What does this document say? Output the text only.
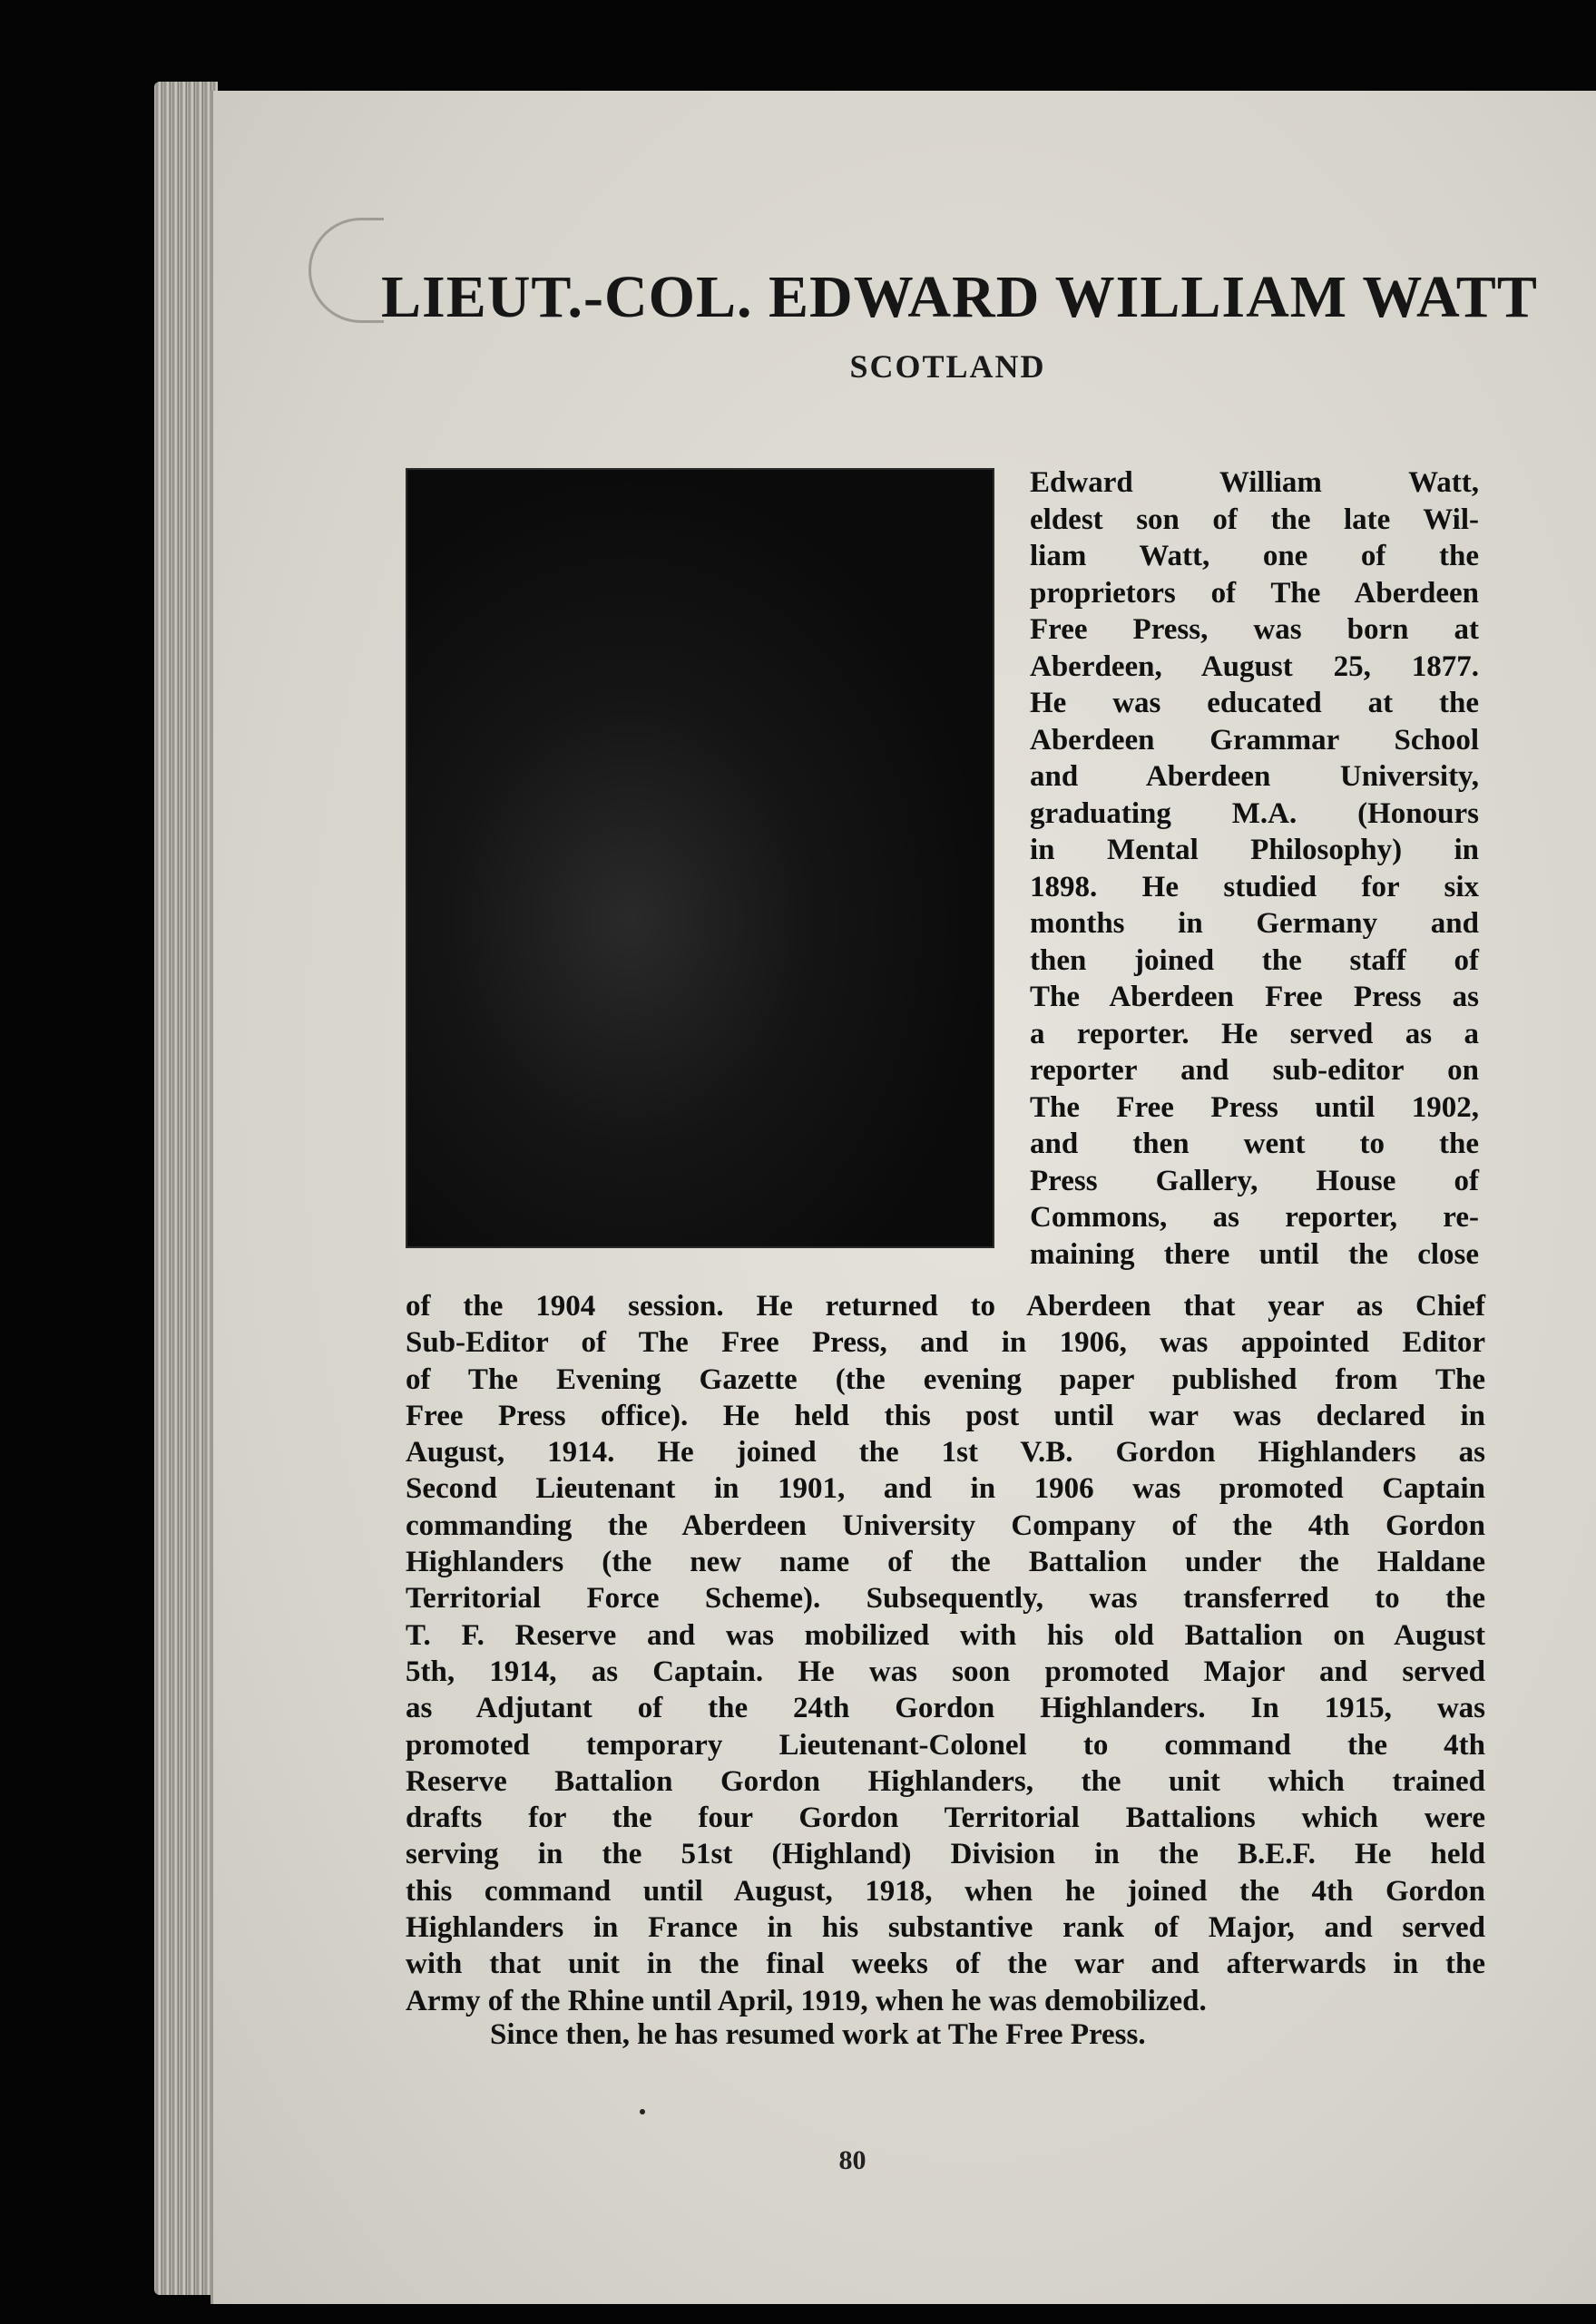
LIEUT.-COL. EDWARD WILLIAM WATT
SCOTLAND
Edward William Watt,
eldest son of the late Wil-
liam Watt, one of the
proprietors of The Aberdeen
Free Press, was born at
Aberdeen, August 25, 1877.
He was educated at the
Aberdeen Grammar School
and Aberdeen University,
graduating M.A. (Honours
in Mental Philosophy) in
1898. He studied for six
months in Germany and
then joined the staff of
The Aberdeen Free Press as
a reporter. He served as a
reporter and sub-editor on
The Free Press until 1902,
and then went to the
Press Gallery, House of
Commons, as reporter, re-
maining there until the close
of the 1904 session. He returned to Aberdeen that year as Chief
Sub-Editor of The Free Press, and in 1906, was appointed Editor
of The Evening Gazette (the evening paper published from The
Free Press office). He held this post until war was declared in
August, 1914. He joined the 1st V.B. Gordon Highlanders as
Second Lieutenant in 1901, and in 1906 was promoted Captain
commanding the Aberdeen University Company of the 4th Gordon
Highlanders (the new name of the Battalion under the Haldane
Territorial Force Scheme). Subsequently, was transferred to the
T. F. Reserve and was mobilized with his old Battalion on August
5th, 1914, as Captain. He was soon promoted Major and served
as Adjutant of the 24th Gordon Highlanders. In 1915, was
promoted temporary Lieutenant-Colonel to command the 4th
Reserve Battalion Gordon Highlanders, the unit which trained
drafts for the four Gordon Territorial Battalions which were
serving in the 51st (Highland) Division in the B.E.F. He held
this command until August, 1918, when he joined the 4th Gordon
Highlanders in France in his substantive rank of Major, and served
with that unit in the final weeks of the war and afterwards in the
Army of the Rhine until April, 1919, when he was demobilized.

Since then, he has resumed work at The Free Press.

80
